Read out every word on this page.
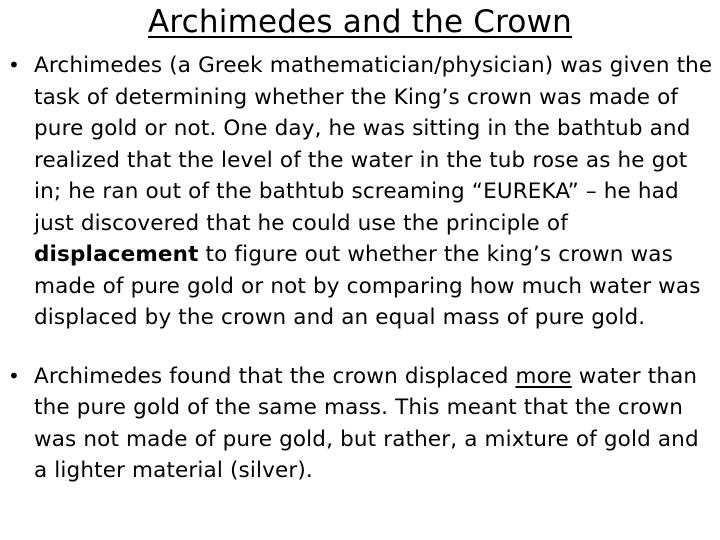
Archimedes and the Crown
• Archimedes (a Greek mathematician/physician) was given the task of determining whether the King’s crown was made of pure gold or not. One day, he was sitting in the bathtub and realized that the level of the water in the tub rose as he got in; he ran out of the bathtub screaming “EUREKA” – he had just discovered that he could use the principle of displacement to figure out whether the king’s crown was made of pure gold or not by comparing how much water was displaced by the crown and an equal mass of pure gold.
• Archimedes found that the crown displaced more water than the pure gold of the same mass. This meant that the crown was not made of pure gold, but rather, a mixture of gold and a lighter material (silver).
